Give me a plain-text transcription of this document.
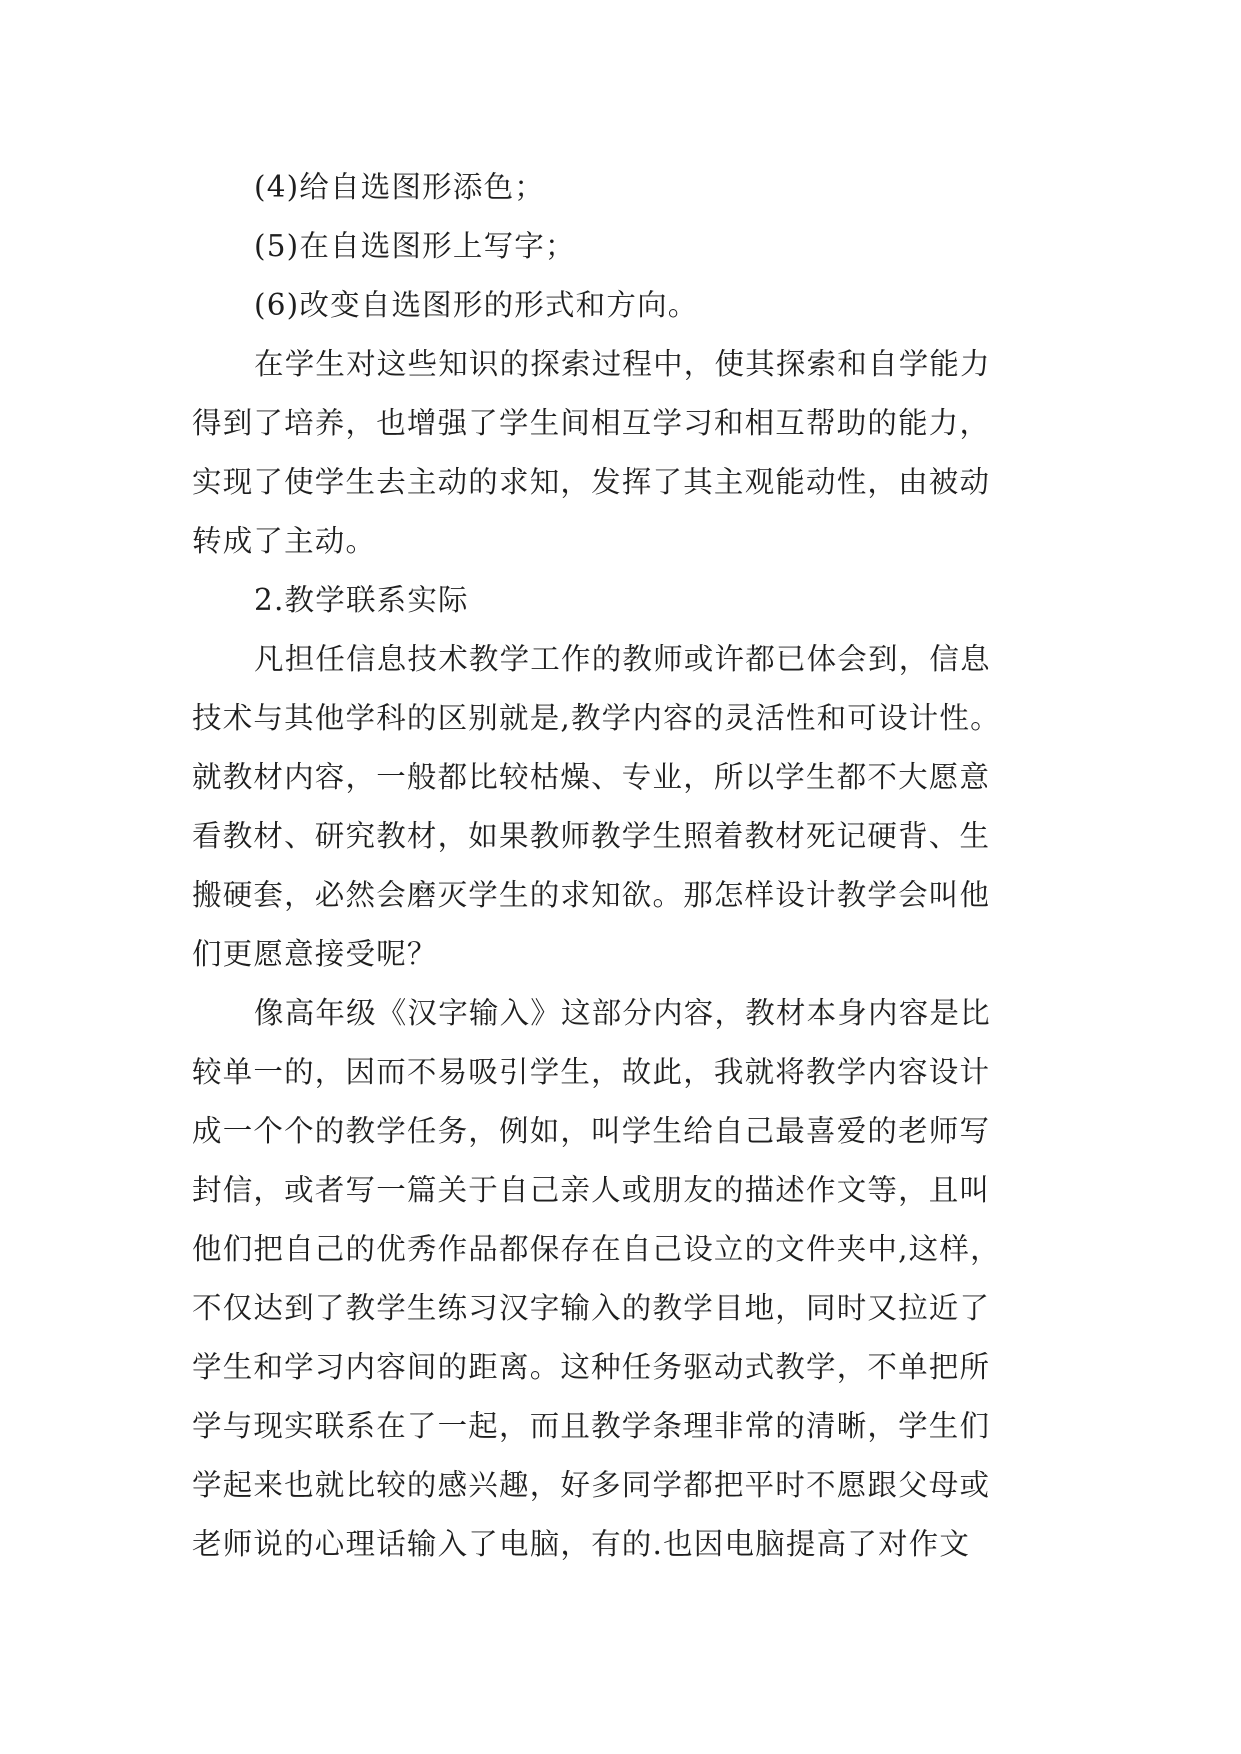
(4)给自选图形添色；

(5)在自选图形上写字；

(6)改变自选图形的形式和方向。

在学生对这些知识的探索过程中，使其探索和自学能力

得到了培养，也增强了学生间相互学习和相互帮助的能力，

实现了使学生去主动的求知，发挥了其主观能动性，由被动

转成了主动。

2.教学联系实际

凡担任信息技术教学工作的教师或许都已体会到，信息

技术与其他学科的区别就是,教学内容的灵活性和可设计性。

就教材内容，一般都比较枯燥、专业，所以学生都不大愿意

看教材、研究教材，如果教师教学生照着教材死记硬背、生

搬硬套，必然会磨灭学生的求知欲。那怎样设计教学会叫他

们更愿意接受呢？

像高年级《汉字输入》这部分内容，教材本身内容是比

较单一的，因而不易吸引学生，故此，我就将教学内容设计

成一个个的教学任务，例如，叫学生给自己最喜爱的老师写

封信，或者写一篇关于自己亲人或朋友的描述作文等，且叫

他们把自己的优秀作品都保存在自己设立的文件夹中,这样，

不仅达到了教学生练习汉字输入的教学目地，同时又拉近了

学生和学习内容间的距离。这种任务驱动式教学，不单把所

学与现实联系在了一起，而且教学条理非常的清晰，学生们

学起来也就比较的感兴趣，好多同学都把平时不愿跟父母或

老师说的心理话输入了电脑，有的.也因电脑提高了对作文
